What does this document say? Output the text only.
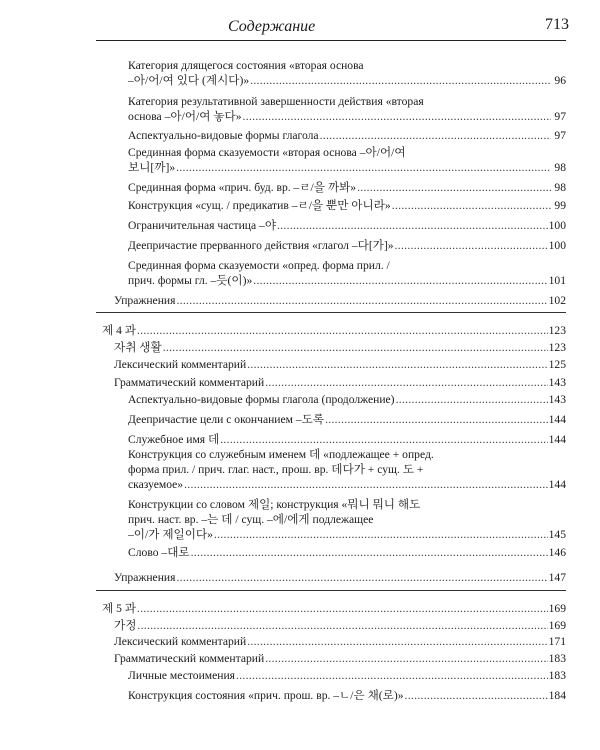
Содержание	713
Категория длящегося состояния «вторая основа
–아/어/여 있다 (계시다)» .....	96
Категория результативной завершенности действия «вторая
основа –아/어/여 놓다» .....	97
Аспектуально-видовые формы глагола .....	97
Срединная форма сказуемости «вторая основа –아/어/여
보니[까]» .....	98
Срединная форма «прич. буд. вр. –ㄹ/을 까봐» .....	98
Конструкция «сущ. / предикатив –ㄹ/을 뿐만 아니라» .....	99
Ограничительная частица –야 .....	100
Деепричастие прерванного действия «глагол –다[가]» .....	100
Срединная форма сказуемости «опред. форма прил. /
прич. формы гл. –듯(이)» .....	101
Упражнения .....	102
제 4 과 .....	123
자취 생활 .....	123
Лексический комментарий .....	125
Грамматический комментарий .....	143
Аспектуально-видовые формы глагола (продолжение) .....	143
Деепричастие цели с окончанием –도록 .....	144
Служебное имя 데 .....	144
Конструкция со служебным именем 데 «подлежащее + опред.
форма прил. / прич. глаг. наст., прош. вр. 데다가 + сущ. 도 +
сказуемое» .....	144
Конструкции со словом 제일; конструкция «뭐니 뭐니 해도
прич. наст. вр. –는 데 / сущ. –에/에게 подлежащее
–이/가 제일이다» .....	145
Слово –대로 .....	146
Упражнения .....	147
제 5 과 .....	169
가정 .....	169
Лексический комментарий .....	171
Грамматический комментарий .....	183
Личные местоимения .....	183
Конструкция состояния «прич. прош. вр. –ㄴ/은 채(로)» .....	184
